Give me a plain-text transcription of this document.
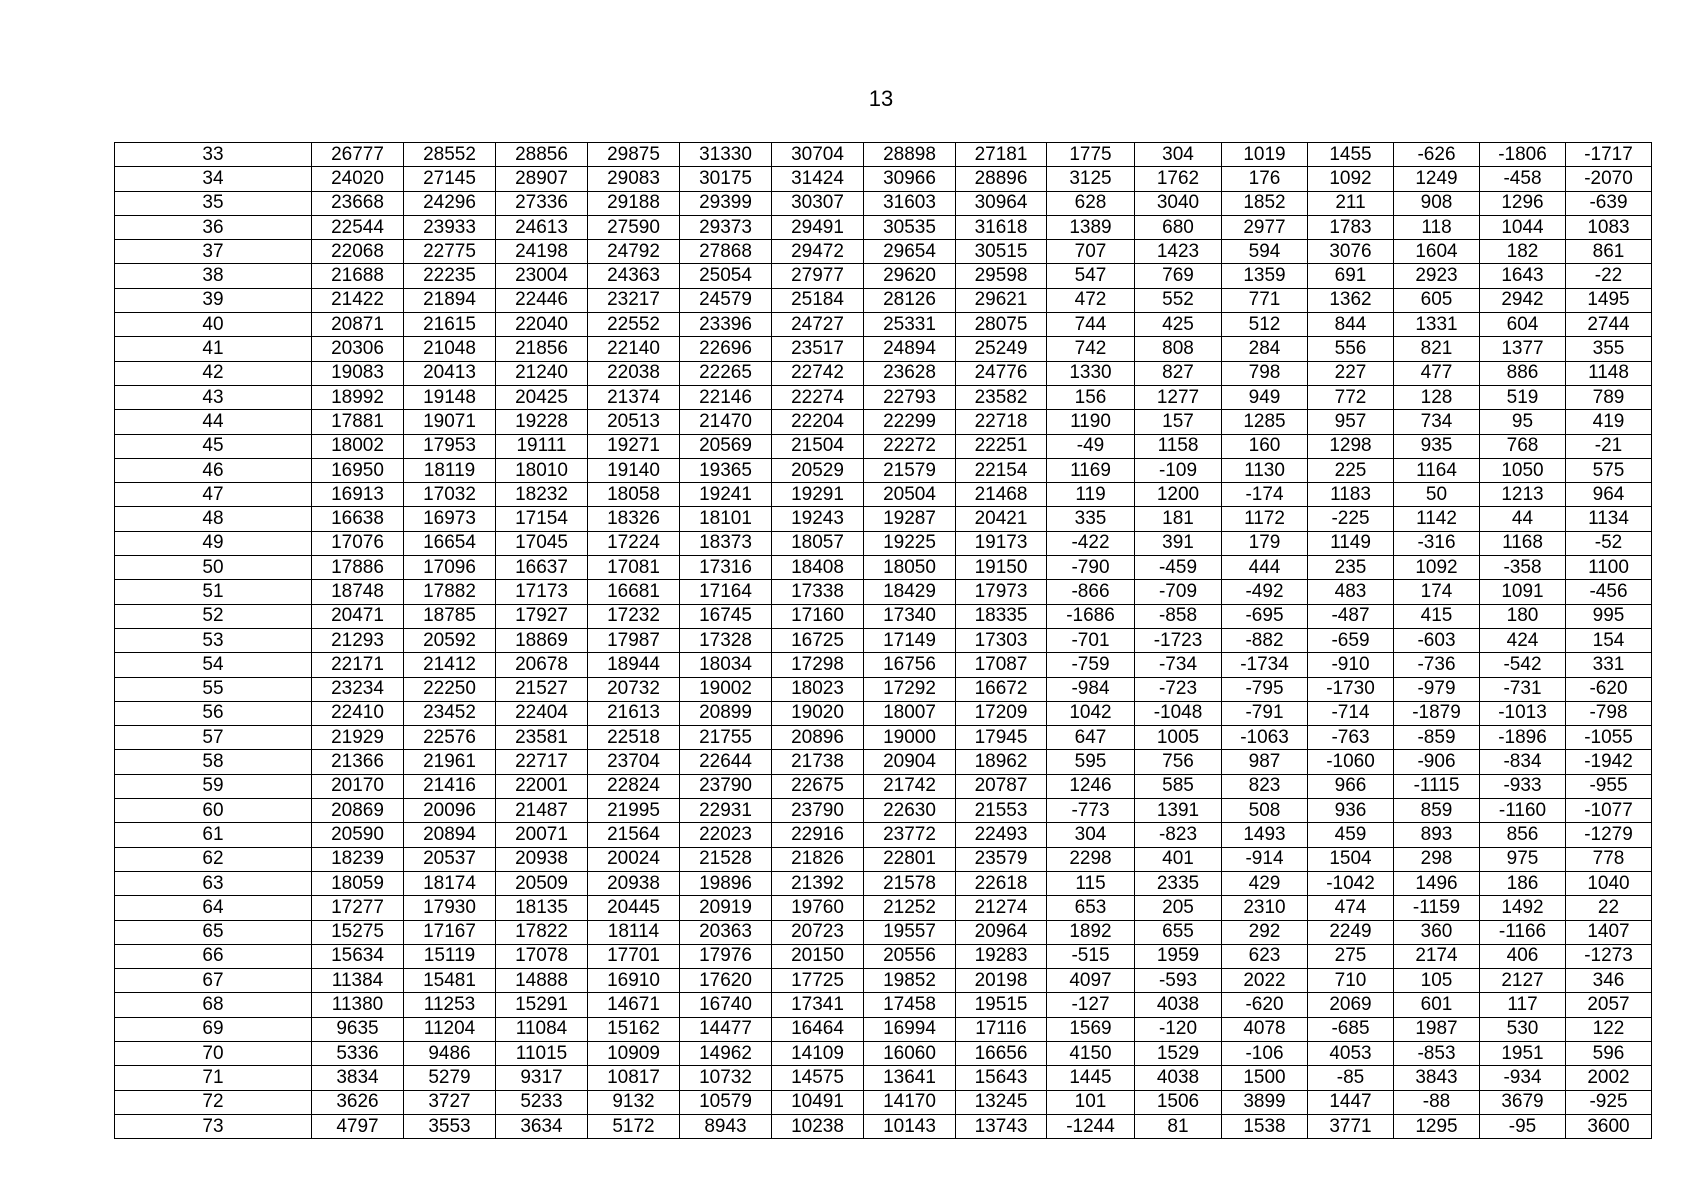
13
33	26777	28552	28856	29875	31330	30704	28898	27181	1775	304	1019	1455	-626	-1806	-1717
34	24020	27145	28907	29083	30175	31424	30966	28896	3125	1762	176	1092	1249	-458	-2070
35	23668	24296	27336	29188	29399	30307	31603	30964	628	3040	1852	211	908	1296	-639
36	22544	23933	24613	27590	29373	29491	30535	31618	1389	680	2977	1783	118	1044	1083
37	22068	22775	24198	24792	27868	29472	29654	30515	707	1423	594	3076	1604	182	861
38	21688	22235	23004	24363	25054	27977	29620	29598	547	769	1359	691	2923	1643	-22
39	21422	21894	22446	23217	24579	25184	28126	29621	472	552	771	1362	605	2942	1495
40	20871	21615	22040	22552	23396	24727	25331	28075	744	425	512	844	1331	604	2744
41	20306	21048	21856	22140	22696	23517	24894	25249	742	808	284	556	821	1377	355
42	19083	20413	21240	22038	22265	22742	23628	24776	1330	827	798	227	477	886	1148
43	18992	19148	20425	21374	22146	22274	22793	23582	156	1277	949	772	128	519	789
44	17881	19071	19228	20513	21470	22204	22299	22718	1190	157	1285	957	734	95	419
45	18002	17953	19111	19271	20569	21504	22272	22251	-49	1158	160	1298	935	768	-21
46	16950	18119	18010	19140	19365	20529	21579	22154	1169	-109	1130	225	1164	1050	575
47	16913	17032	18232	18058	19241	19291	20504	21468	119	1200	-174	1183	50	1213	964
48	16638	16973	17154	18326	18101	19243	19287	20421	335	181	1172	-225	1142	44	1134
49	17076	16654	17045	17224	18373	18057	19225	19173	-422	391	179	1149	-316	1168	-52
50	17886	17096	16637	17081	17316	18408	18050	19150	-790	-459	444	235	1092	-358	1100
51	18748	17882	17173	16681	17164	17338	18429	17973	-866	-709	-492	483	174	1091	-456
52	20471	18785	17927	17232	16745	17160	17340	18335	-1686	-858	-695	-487	415	180	995
53	21293	20592	18869	17987	17328	16725	17149	17303	-701	-1723	-882	-659	-603	424	154
54	22171	21412	20678	18944	18034	17298	16756	17087	-759	-734	-1734	-910	-736	-542	331
55	23234	22250	21527	20732	19002	18023	17292	16672	-984	-723	-795	-1730	-979	-731	-620
56	22410	23452	22404	21613	20899	19020	18007	17209	1042	-1048	-791	-714	-1879	-1013	-798
57	21929	22576	23581	22518	21755	20896	19000	17945	647	1005	-1063	-763	-859	-1896	-1055
58	21366	21961	22717	23704	22644	21738	20904	18962	595	756	987	-1060	-906	-834	-1942
59	20170	21416	22001	22824	23790	22675	21742	20787	1246	585	823	966	-1115	-933	-955
60	20869	20096	21487	21995	22931	23790	22630	21553	-773	1391	508	936	859	-1160	-1077
61	20590	20894	20071	21564	22023	22916	23772	22493	304	-823	1493	459	893	856	-1279
62	18239	20537	20938	20024	21528	21826	22801	23579	2298	401	-914	1504	298	975	778
63	18059	18174	20509	20938	19896	21392	21578	22618	115	2335	429	-1042	1496	186	1040
64	17277	17930	18135	20445	20919	19760	21252	21274	653	205	2310	474	-1159	1492	22
65	15275	17167	17822	18114	20363	20723	19557	20964	1892	655	292	2249	360	-1166	1407
66	15634	15119	17078	17701	17976	20150	20556	19283	-515	1959	623	275	2174	406	-1273
67	11384	15481	14888	16910	17620	17725	19852	20198	4097	-593	2022	710	105	2127	346
68	11380	11253	15291	14671	16740	17341	17458	19515	-127	4038	-620	2069	601	117	2057
69	9635	11204	11084	15162	14477	16464	16994	17116	1569	-120	4078	-685	1987	530	122
70	5336	9486	11015	10909	14962	14109	16060	16656	4150	1529	-106	4053	-853	1951	596
71	3834	5279	9317	10817	10732	14575	13641	15643	1445	4038	1500	-85	3843	-934	2002
72	3626	3727	5233	9132	10579	10491	14170	13245	101	1506	3899	1447	-88	3679	-925
73	4797	3553	3634	5172	8943	10238	10143	13743	-1244	81	1538	3771	1295	-95	3600
